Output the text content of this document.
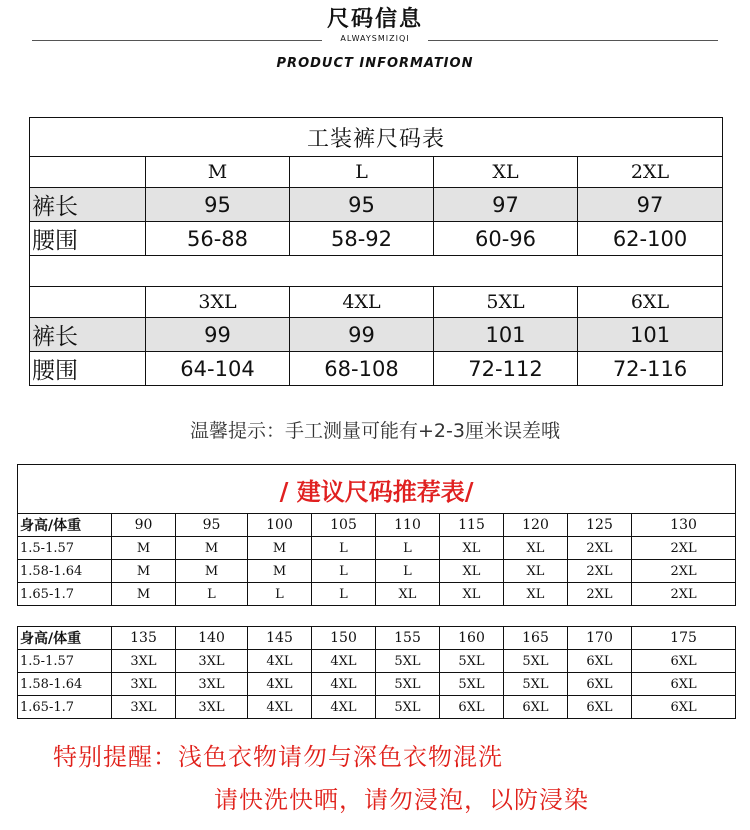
尺码信息
ALWAYSMIZIQI
PRODUCT INFORMATION
工装裤尺码表				
	M	L	XL	2XL
裤长	95	95	97	97
腰围	56-88	58-92	60-96	62-100

	3XL	4XL	5XL	6XL
裤长	99	99	101	101
腰围	64-104	68-108	72-112	72-116
温馨提示：手工测量可能有+2-3厘米误差哦
/ 建议尺码推荐表/									
身高/体重	90	95	100	105	110	115	120	125	130
1.5-1.57	M	M	M	L	L	XL	XL	2XL	2XL
1.58-1.64	M	M	M	L	L	XL	XL	2XL	2XL
1.65-1.7	M	L	L	L	XL	XL	XL	2XL	2XL

身高/体重	135	140	145	150	155	160	165	170	175
1.5-1.57	3XL	3XL	4XL	4XL	5XL	5XL	5XL	6XL	6XL
1.58-1.64	3XL	3XL	4XL	4XL	5XL	5XL	5XL	6XL	6XL
1.65-1.7	3XL	3XL	4XL	4XL	5XL	6XL	6XL	6XL	6XL
特别提醒：浅色衣物请勿与深色衣物混洗
请快洗快晒，请勿浸泡，以防浸染
